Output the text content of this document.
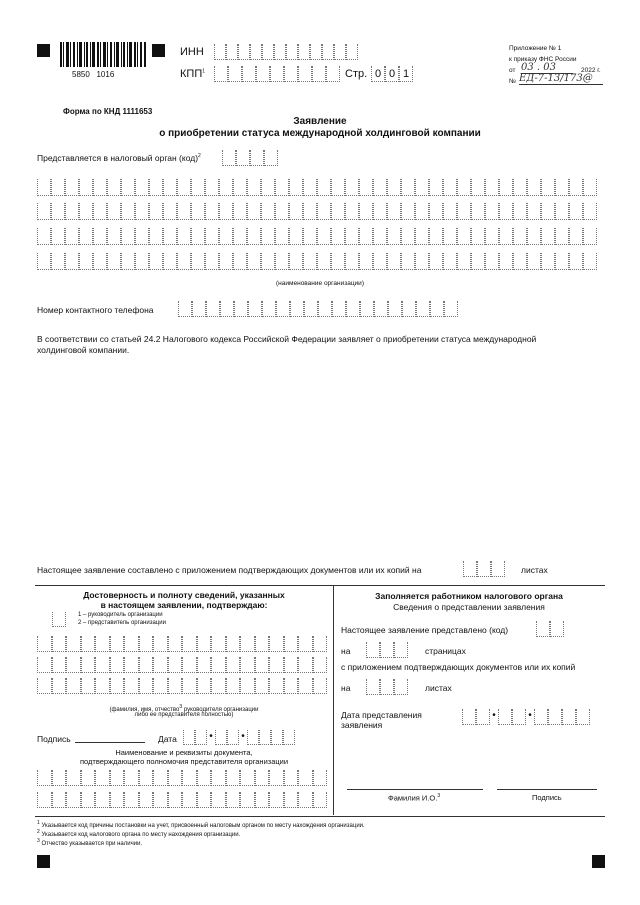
5850   1016
ИНН
КПП$^1$	Стр. 0 0 1
Приложение № 1
к приказу ФНС России
от 03 . 03	2022 г.
№ ЕД-7-13/173@
Форма по КНД 1111653
Заявление
о приобретении статуса международной холдинговой компании
Представляется в налоговый орган (код)$^2$
(наименование организации)
Номер контактного телефона
В соответствии со статьей 24.2 Налогового кодекса Российской Федерации заявляет о приобретении статуса международной
холдинговой компании.
Настоящее заявление составлено с приложением подтверждающих документов или их копий на	листах
Достоверность и полноту сведений, указанных
в настоящем заявлении, подтверждаю:
1 – руководитель организации
2 – представитель организации
(фамилия, имя, отчество$^3$ руководителя организации
либо ее представителя полностью)
Подпись	Дата	•	•
Наименование и реквизиты документа,
подтверждающего полномочия представителя организации
Заполняется работником налогового органа
Сведения о представлении заявления
Настоящее заявление представлено (код)
на	страницах
с приложением подтверждающих документов или их копий
на	листах
Дата представления
заявления
•	•
Фамилия И.О.$^3$	Подпись
$^1$ Указывается код причины постановки на учет, присвоенный налоговым органом по месту нахождения организации.
$^2$ Указывается код налогового органа по месту нахождения организации.
$^3$ Отчество указывается при наличии.
